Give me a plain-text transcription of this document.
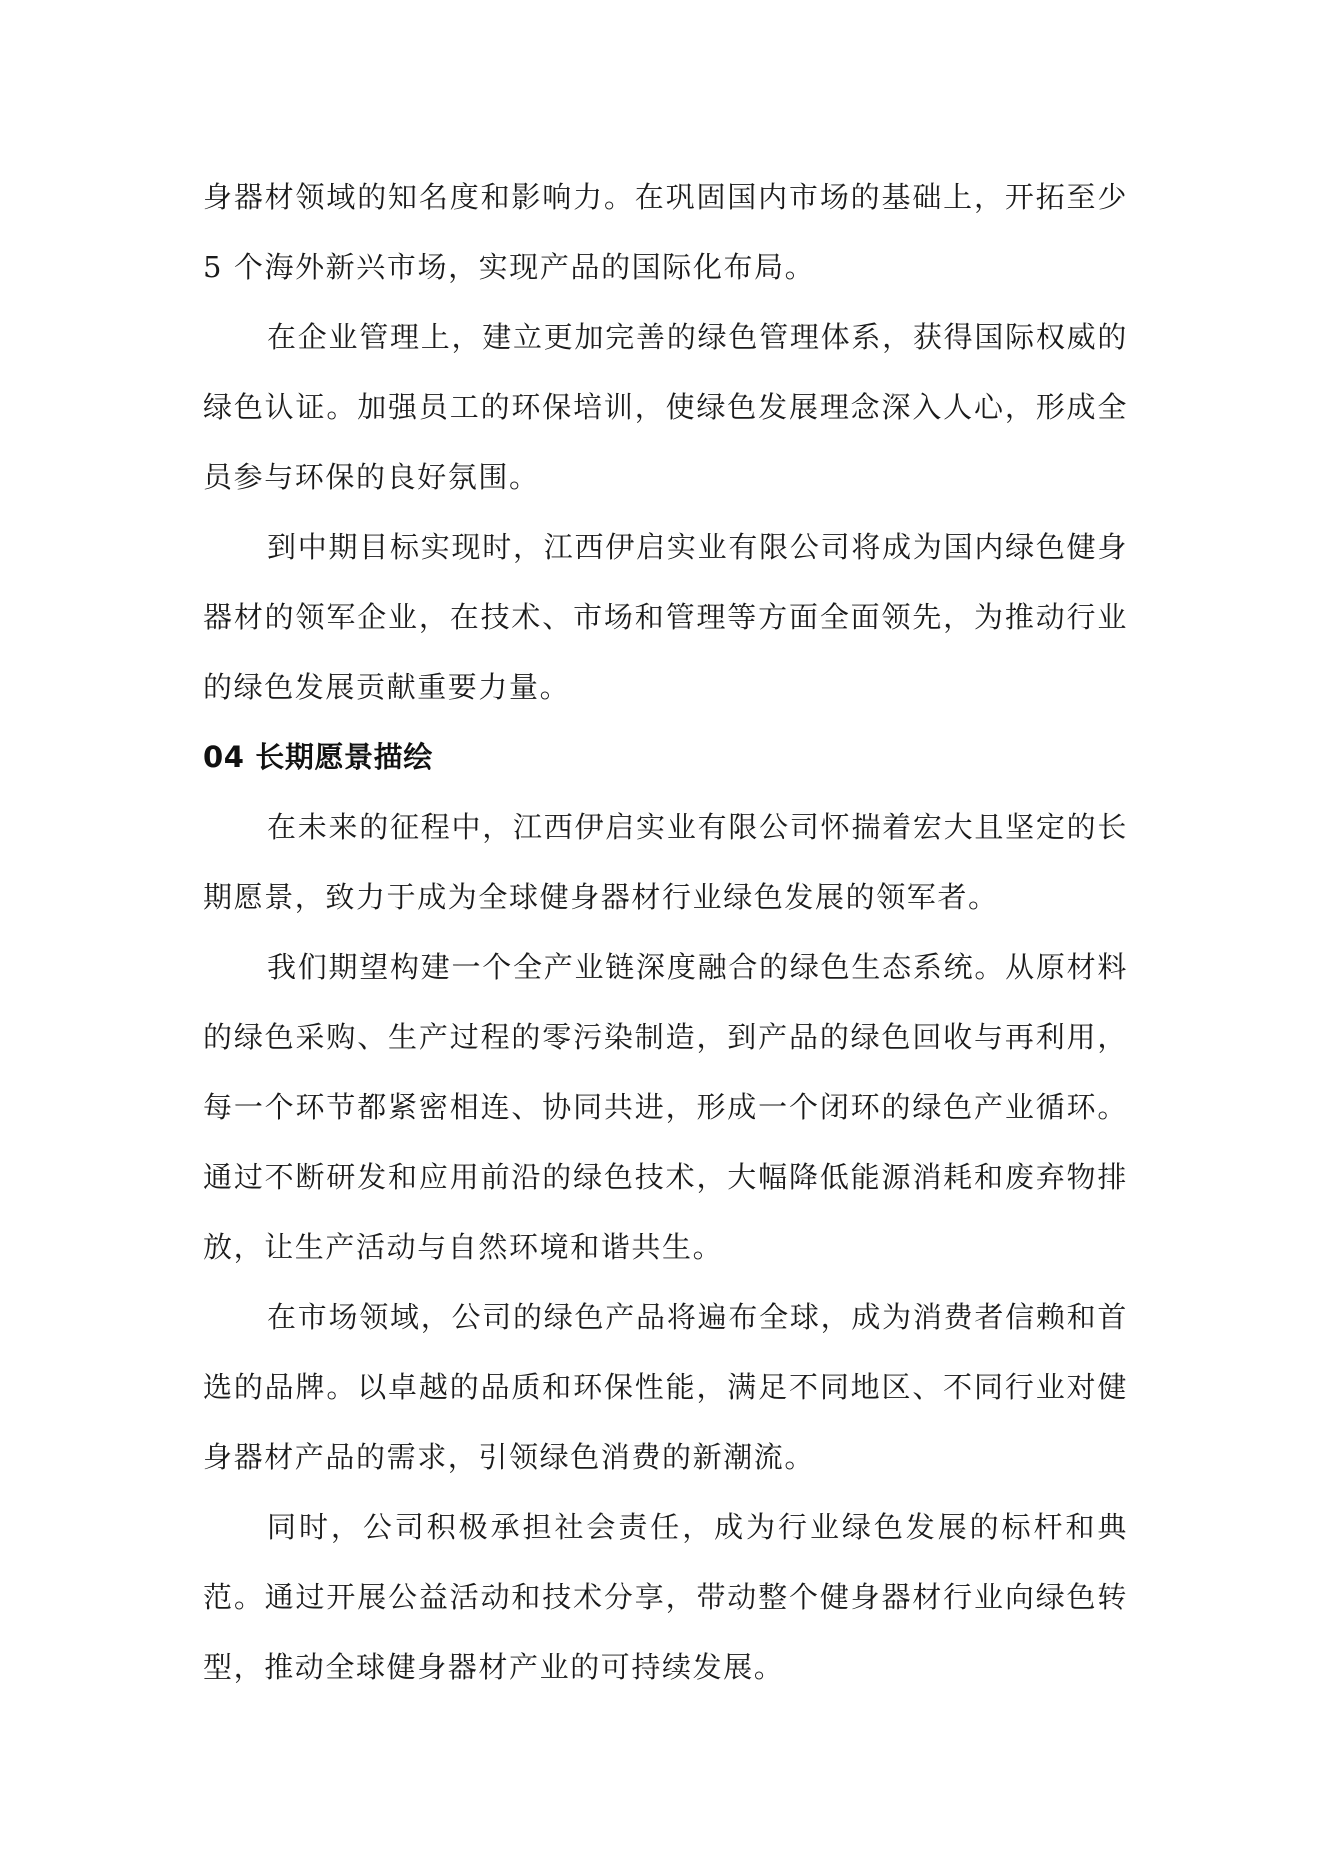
身器材领域的知名度和影响力。在巩固国内市场的基础上，开拓至少 5 个海外新兴市场，实现产品的国际化布局。

在企业管理上，建立更加完善的绿色管理体系，获得国际权威的绿色认证。加强员工的环保培训，使绿色发展理念深入人心，形成全员参与环保的良好氛围。

到中期目标实现时，江西伊启实业有限公司将成为国内绿色健身器材的领军企业，在技术、市场和管理等方面全面领先，为推动行业的绿色发展贡献重要力量。

04 长期愿景描绘

在未来的征程中，江西伊启实业有限公司怀揣着宏大且坚定的长期愿景，致力于成为全球健身器材行业绿色发展的领军者。

我们期望构建一个全产业链深度融合的绿色生态系统。从原材料的绿色采购、生产过程的零污染制造，到产品的绿色回收与再利用，每一个环节都紧密相连、协同共进，形成一个闭环的绿色产业循环。通过不断研发和应用前沿的绿色技术，大幅降低能源消耗和废弃物排放，让生产活动与自然环境和谐共生。

在市场领域，公司的绿色产品将遍布全球，成为消费者信赖和首选的品牌。以卓越的品质和环保性能，满足不同地区、不同行业对健身器材产品的需求，引领绿色消费的新潮流。

同时，公司积极承担社会责任，成为行业绿色发展的标杆和典范。通过开展公益活动和技术分享，带动整个健身器材行业向绿色转型，推动全球健身器材产业的可持续发展。
